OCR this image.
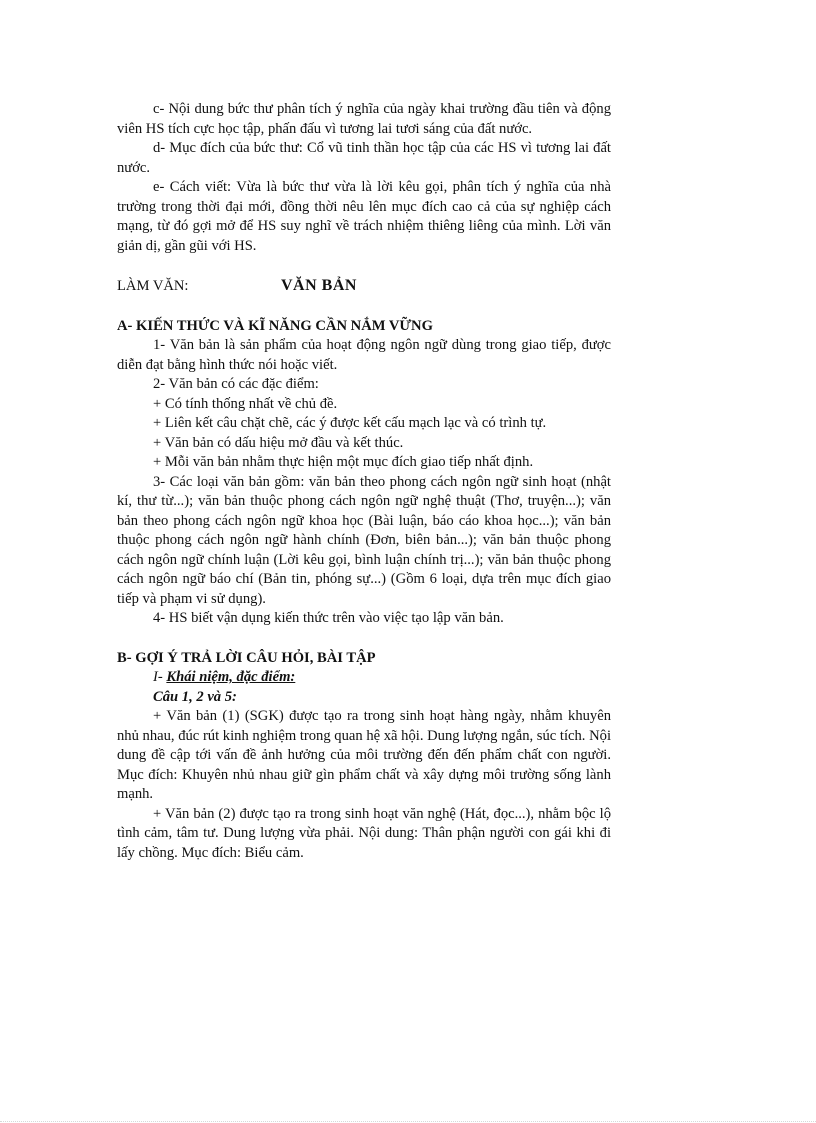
c- Nội dung bức thư phân tích ý nghĩa của ngày khai trường đầu tiên và động viên HS tích cực học tập, phấn đấu vì tương lai tươi sáng của đất nước.

d- Mục đích của bức thư: Cổ vũ tinh thần học tập của các HS vì tương lai đất nước.

e- Cách viết: Vừa là bức thư vừa là lời kêu gọi, phân tích ý nghĩa của nhà trường trong thời đại mới, đồng thời nêu lên mục đích cao cả của sự nghiệp cách mạng, từ đó gợi mở để HS suy nghĩ về trách nhiệm thiêng liêng của mình. Lời văn giản dị, gần gũi với HS.

LÀM VĂN:	VĂN BẢN

A- KIẾN THỨC VÀ KĨ NĂNG CẦN NẮM VỮNG

1- Văn bản là sản phẩm của hoạt động ngôn ngữ dùng trong giao tiếp, được diễn đạt bằng hình thức nói hoặc viết.

2- Văn bản có các đặc điểm:

+ Có tính thống nhất về chủ đề.

+ Liên kết câu chặt chẽ, các ý được kết cấu mạch lạc và có trình tự.

+ Văn bản có dấu hiệu mở đầu và kết thúc.

+ Mỗi văn bản nhằm thực hiện một mục đích giao tiếp nhất định.

3- Các loại văn bản gồm: văn bản theo phong cách ngôn ngữ sinh hoạt (nhật kí, thư từ...); văn bản thuộc phong cách ngôn ngữ nghệ thuật (Thơ, truyện...); văn bản theo phong cách ngôn ngữ khoa học (Bài luận, báo cáo khoa học...); văn bản thuộc phong cách ngôn ngữ hành chính (Đơn, biên bản...); văn bản thuộc phong cách ngôn ngữ chính luận (Lời kêu gọi, bình luận chính trị...); văn bản thuộc phong cách ngôn ngữ báo chí (Bản tin, phóng sự...) (Gồm 6 loại, dựa trên mục đích giao tiếp và phạm vi sử dụng).

4- HS biết vận dụng kiến thức trên vào việc tạo lập văn bản.

B- GỢI Ý TRẢ LỜI CÂU HỎI, BÀI TẬP

I- Khái niệm, đặc điểm:

Câu 1, 2 và 5:

+ Văn bản (1) (SGK) được tạo ra trong sinh hoạt hàng ngày, nhằm khuyên nhủ nhau, đúc rút kinh nghiệm trong quan hệ xã hội. Dung lượng ngắn, súc tích. Nội dung đề cập tới vấn đề ảnh hưởng của môi trường đến đến phẩm chất con người. Mục đích: Khuyên nhủ nhau giữ gìn phẩm chất và xây dựng môi trường sống lành mạnh.

+ Văn bản (2) được tạo ra trong sinh hoạt văn nghệ (Hát, đọc...), nhằm bộc lộ tình cảm, tâm tư. Dung lượng vừa phải. Nội dung: Thân phận người con gái khi đi lấy chồng. Mục đích: Biểu cảm.
